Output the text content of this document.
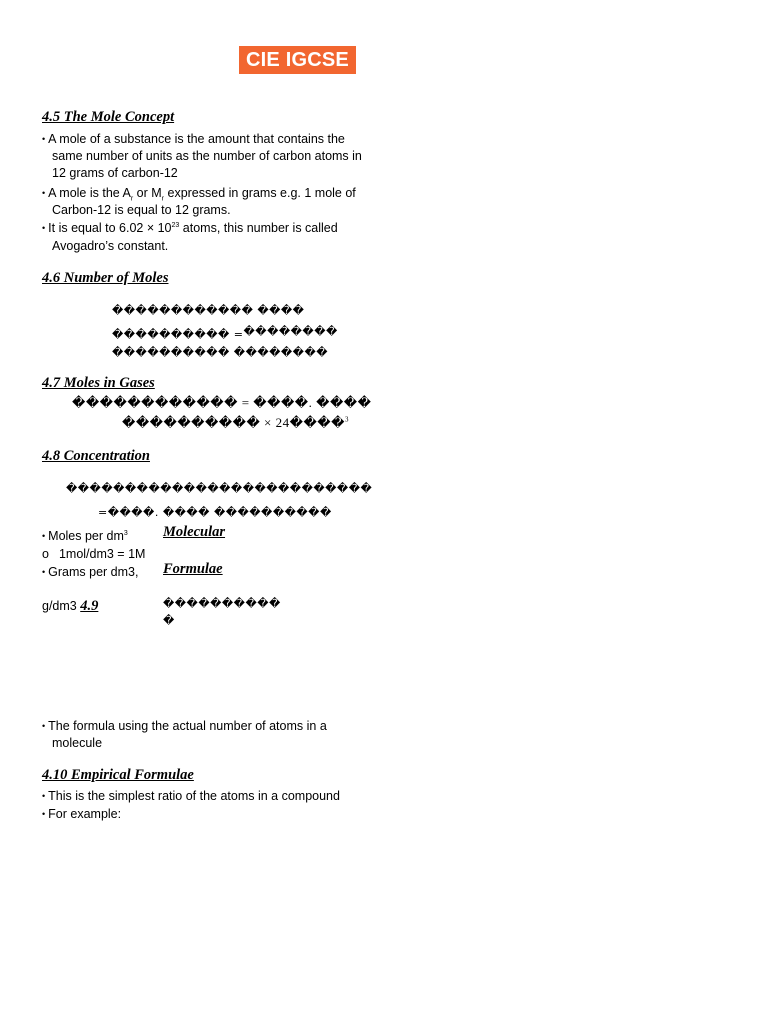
CIE IGCSE
4.5 The Mole Concept
• A mole of a substance is the amount that contains the
same number of units as the number of carbon atoms in
12 grams of carbon-12
• A mole is the $A_r$ or $M_r$ expressed in grams e.g. 1 mole of
Carbon-12 is equal to 12 grams.
• It is equal to $6.02 \times 10^{23}$ atoms, this number is called
Avogadro’s constant.
4.6 Number of Moles
������������ ����
���������� =��������
���������� ��������
4.7 Moles in Gases
������������ = ����. ����
���������� × 24����$^3$
4.8 Concentration
��������������������������
=����. ���� ����������
• Moles per $dm^3$
o 1mol/dm3 = 1M
• Grams per dm3,
g/dm3 4.9
Molecular
Formulae
����������
�
• The formula using the actual number of atoms in a
molecule
4.10 Empirical Formulae
• This is the simplest ratio of the atoms in a compound
• For example:
